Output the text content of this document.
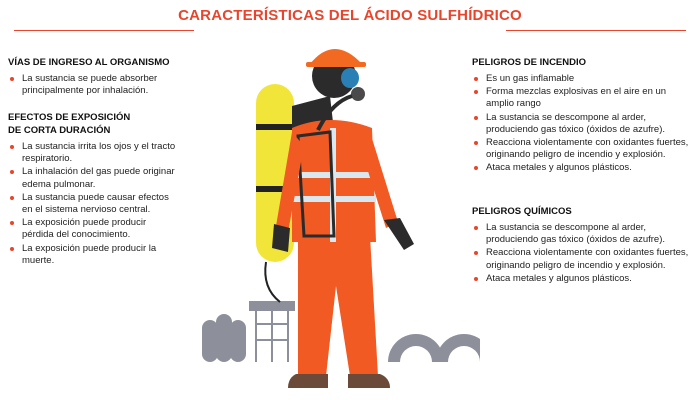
CARACTERÍSTICAS DEL ÁCIDO SULFHÍDRICO
VÍAS DE INGRESO AL ORGANISMO
La sustancia se puede absorber principalmente por inhalación.
EFECTOS DE EXPOSICIÓN
DE CORTA DURACIÓN
La sustancia irrita los ojos y el tracto respiratorio.
La inhalación del gas puede originar edema pulmonar.
La sustancia puede causar efectos en el sistema nervioso central.
La exposición puede producir pérdida del conocimiento.
La exposición puede producir la muerte.
PELIGROS DE INCENDIO
Es un gas inflamable
Forma mezclas explosivas en el aire en un amplio rango
La sustancia se descompone al arder, produciendo gas tóxico (óxidos de azufre).
Reacciona violentamente con oxidantes fuertes, originando peligro de incendio y explosión.
Ataca metales y algunos plásticos.
PELIGROS QUÍMICOS
La sustancia se descompone al arder, produciendo gas tóxico (óxidos de azufre).
Reacciona violentamente con oxidantes fuertes, originando peligro de incendio y explosión.
Ataca metales y algunos plásticos.
